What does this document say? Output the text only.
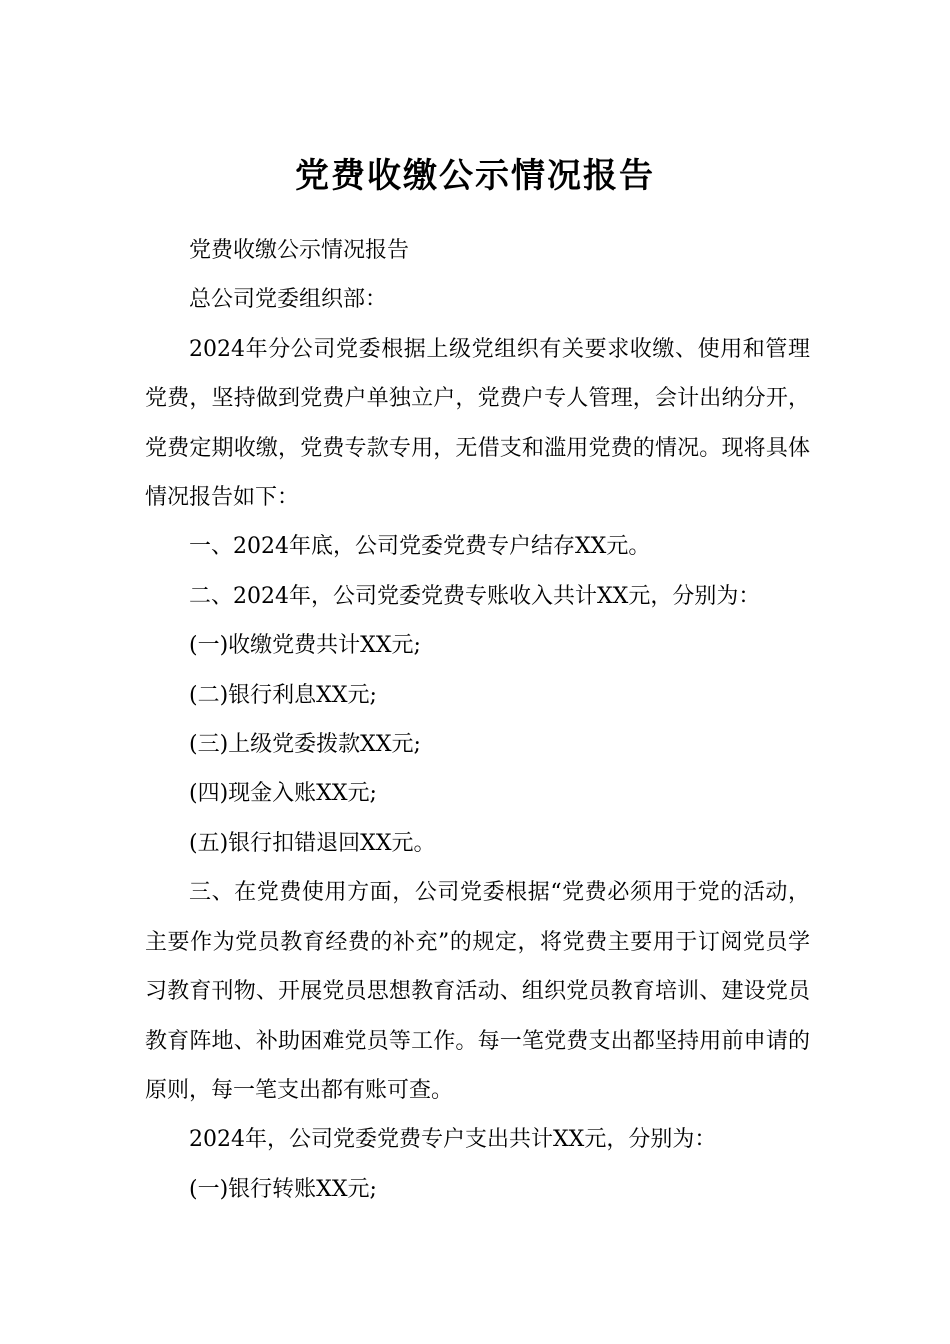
党费收缴公示情况报告

党费收缴公示情况报告

总公司党委组织部：

2024年分公司党委根据上级党组织有关要求收缴、使用和管理党费，坚持做到党费户单独立户，党费户专人管理，会计出纳分开，党费定期收缴，党费专款专用，无借支和滥用党费的情况。现将具体情况报告如下：

一、2024年底，公司党委党费专户结存XX元。

二、2024年，公司党委党费专账收入共计XX元，分别为：

(一)收缴党费共计XX元;

(二)银行利息XX元;

(三)上级党委拨款XX元;

(四)现金入账XX元;

(五)银行扣错退回XX元。

三、在党费使用方面，公司党委根据“党费必须用于党的活动，主要作为党员教育经费的补充”的规定，将党费主要用于订阅党员学习教育刊物、开展党员思想教育活动、组织党员教育培训、建设党员教育阵地、补助困难党员等工作。每一笔党费支出都坚持用前申请的原则，每一笔支出都有账可查。

2024年，公司党委党费专户支出共计XX元，分别为：

(一)银行转账XX元;
